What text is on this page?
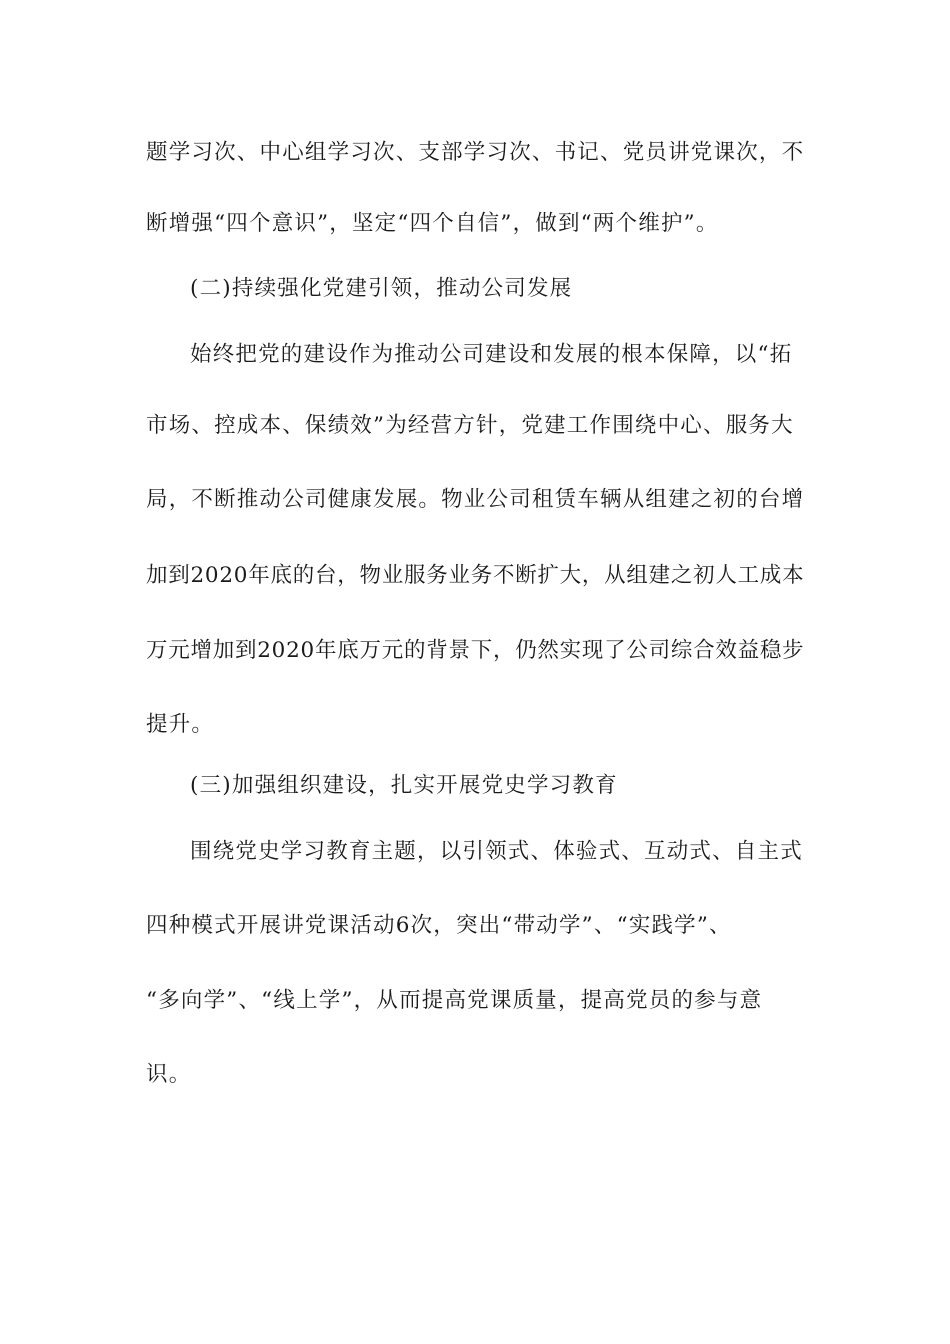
题学习次、中心组学习次、支部学习次、书记、党员讲党课次，不
断增强“四个意识”，坚定“四个自信”，做到“两个维护”。
(二)持续强化党建引领，推动公司发展
始终把党的建设作为推动公司建设和发展的根本保障，以“拓
市场、控成本、保绩效”为经营方针，党建工作围绕中心、服务大
局，不断推动公司健康发展。物业公司租赁车辆从组建之初的台增
加到2020年底的台，物业服务业务不断扩大，从组建之初人工成本
万元增加到2020年底万元的背景下，仍然实现了公司综合效益稳步
提升。
(三)加强组织建设，扎实开展党史学习教育
围绕党史学习教育主题，以引领式、体验式、互动式、自主式
四种模式开展讲党课活动6次，突出“带动学”、“实践学”、
“多向学”、“线上学”，从而提高党课质量，提高党员的参与意
识。
